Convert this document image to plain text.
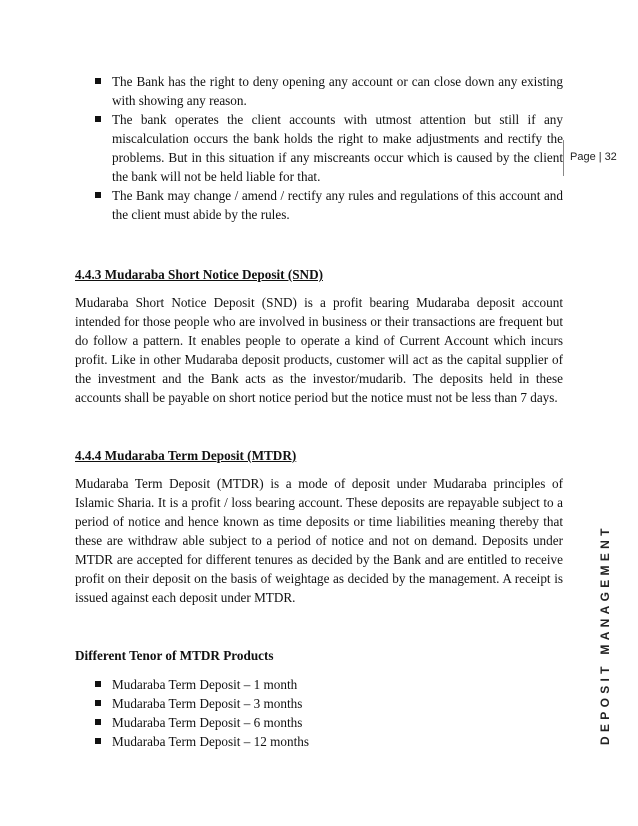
Page | 32
DEPOSIT MANAGEMENT
The Bank has the right to deny opening any account or can close down any existing with showing any reason.
The bank operates the client accounts with utmost attention but still if any miscalculation occurs the bank holds the right to make adjustments and rectify the problems. But in this situation if any miscreants occur which is caused by the client the bank will not be held liable for that.
The Bank may change / amend / rectify any rules and regulations of this account and the client must abide by the rules.
4.4.3 Mudaraba Short Notice Deposit (SND)

Mudaraba Short Notice Deposit (SND) is a profit bearing Mudaraba deposit account intended for those people who are involved in business or their transactions are frequent but do follow a pattern. It enables people to operate a kind of Current Account which incurs profit. Like in other Mudaraba deposit products, customer will act as the capital supplier of the investment and the Bank acts as the investor/mudarib. The deposits held in these accounts shall be payable on short notice period but the notice must not be less than 7 days.

4.4.4 Mudaraba Term Deposit (MTDR)

Mudaraba Term Deposit (MTDR) is a mode of deposit under Mudaraba principles of Islamic Sharia. It is a profit / loss bearing account. These deposits are repayable subject to a period of notice and hence known as time deposits or time liabilities meaning thereby that these are withdraw able subject to a period of notice and not on demand. Deposits under MTDR are accepted for different tenures as decided by the Bank and are entitled to receive profit on their deposit on the basis of weightage as decided by the management. A receipt is issued against each deposit under MTDR.

Different Tenor of MTDR Products
Mudaraba Term Deposit – 1 month
Mudaraba Term Deposit – 3 months
Mudaraba Term Deposit – 6 months
Mudaraba Term Deposit – 12 months
